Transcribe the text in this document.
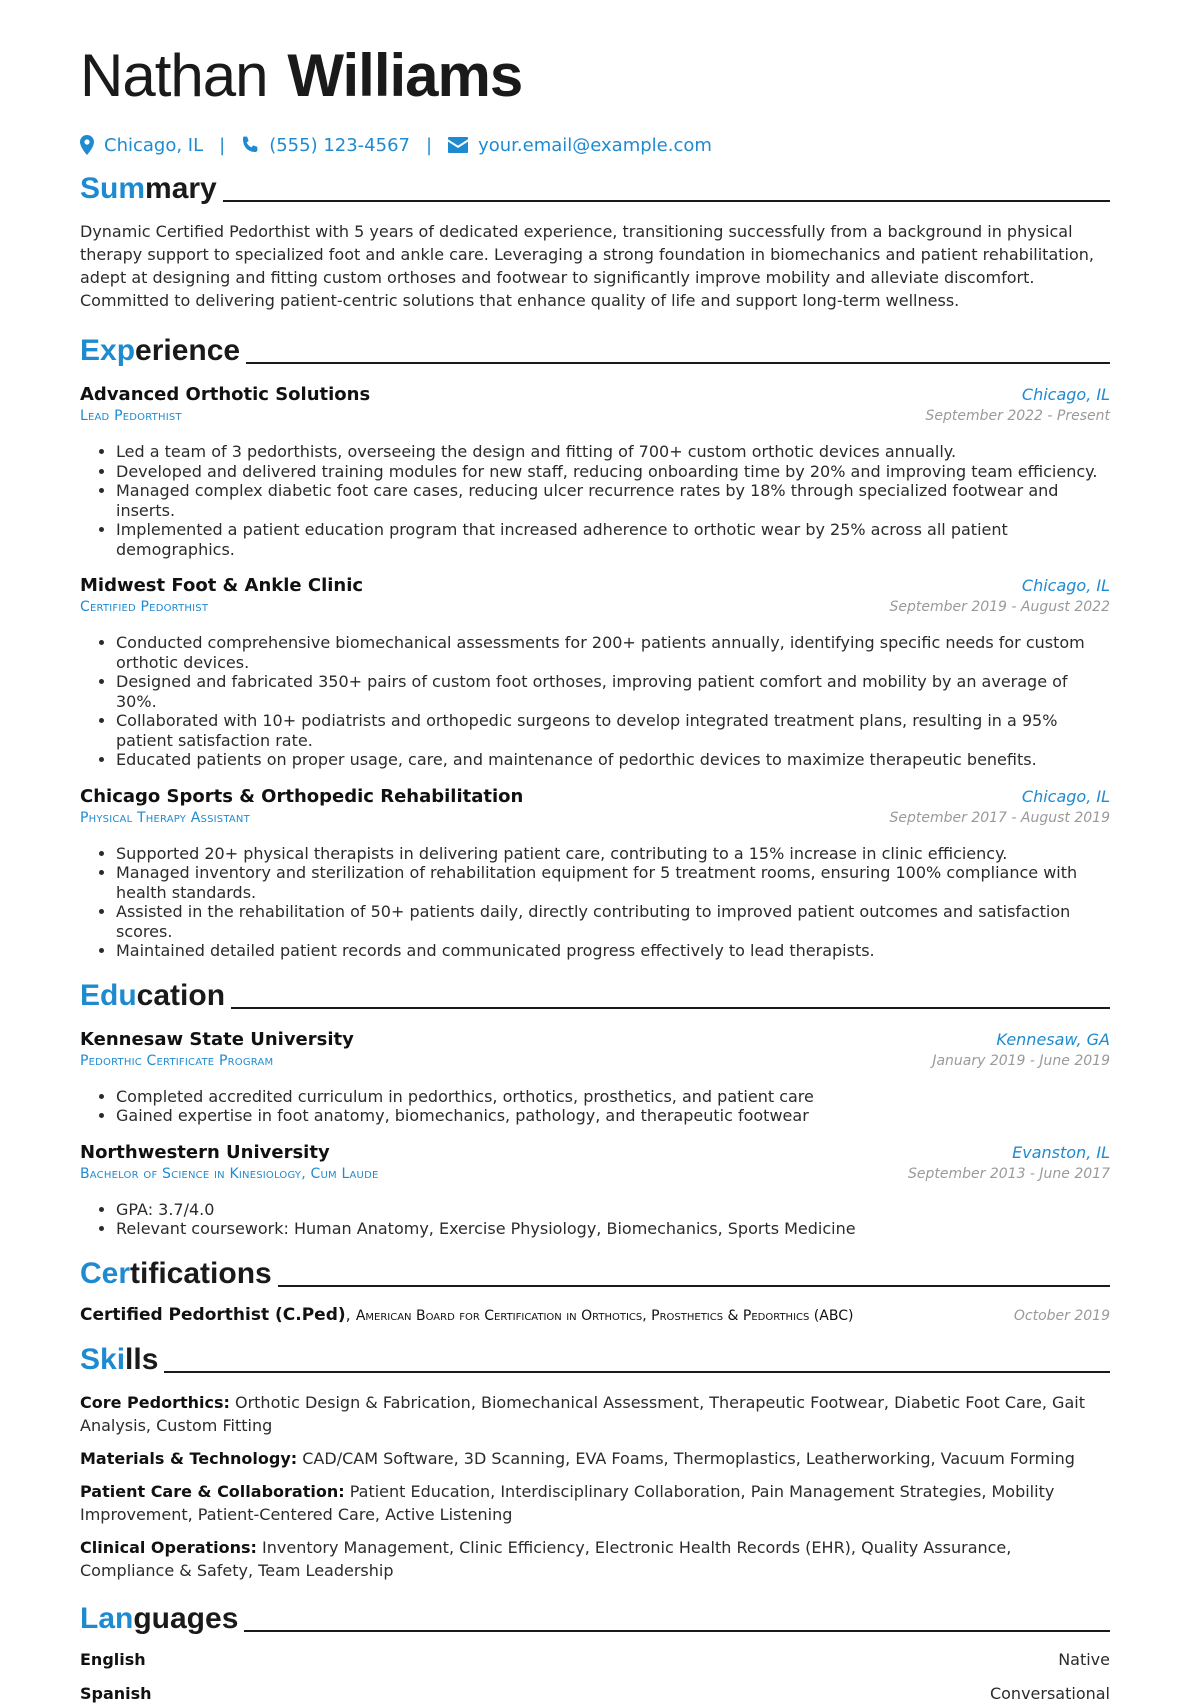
Nathan Williams
Chicago, IL | (555) 123-4567 |	your.email@example.com
Summary

Dynamic Certified Pedorthist with 5 years of dedicated experience, transitioning successfully from a background in physical therapy support to specialized foot and ankle care. Leveraging a strong foundation in biomechanics and patient rehabilitation, adept at designing and fitting custom orthoses and footwear to significantly improve mobility and alleviate discomfort. Committed to delivering patient-centric solutions that enhance quality of life and support long-term wellness.

Experience
Advanced Orthotic Solutions	Chicago, IL
Lead Pedorthist	September 2022 - Present
• Led a team of 3 pedorthists, overseeing the design and fitting of 700+ custom orthotic devices annually.
• Developed and delivered training modules for new staff, reducing onboarding time by 20% and improving team efficiency.
• Managed complex diabetic foot care cases, reducing ulcer recurrence rates by 18% through specialized footwear and inserts.
• Implemented a patient education program that increased adherence to orthotic wear by 25% across all patient demographics.
Midwest Foot & Ankle Clinic	Chicago, IL
Certified Pedorthist	September 2019 - August 2022
• Conducted comprehensive biomechanical assessments for 200+ patients annually, identifying specific needs for custom orthotic devices.
• Designed and fabricated 350+ pairs of custom foot orthoses, improving patient comfort and mobility by an average of 30%.
• Collaborated with 10+ podiatrists and orthopedic surgeons to develop integrated treatment plans, resulting in a 95% patient satisfaction rate.
• Educated patients on proper usage, care, and maintenance of pedorthic devices to maximize therapeutic benefits.
Chicago Sports & Orthopedic Rehabilitation	Chicago, IL
Physical Therapy Assistant	September 2017 - August 2019
• Supported 20+ physical therapists in delivering patient care, contributing to a 15% increase in clinic efficiency.
• Managed inventory and sterilization of rehabilitation equipment for 5 treatment rooms, ensuring 100% compliance with health standards.
• Assisted in the rehabilitation of 50+ patients daily, directly contributing to improved patient outcomes and satisfaction scores.
• Maintained detailed patient records and communicated progress effectively to lead therapists.
Education
Kennesaw State University	Kennesaw, GA
Pedorthic Certificate Program	January 2019 - June 2019
• Completed accredited curriculum in pedorthics, orthotics, prosthetics, and patient care
• Gained expertise in foot anatomy, biomechanics, pathology, and therapeutic footwear
Northwestern University	Evanston, IL
Bachelor of Science in Kinesiology, Cum Laude	September 2013 - June 2017
• GPA: 3.7/4.0
• Relevant coursework: Human Anatomy, Exercise Physiology, Biomechanics, Sports Medicine
Certifications
Certified Pedorthist (C.Ped), American Board for Certification in Orthotics, Prosthetics & Pedorthics (ABC)	October 2019
Skills
Core Pedorthics: Orthotic Design & Fabrication, Biomechanical Assessment, Therapeutic Footwear, Diabetic Foot Care, Gait Analysis, Custom Fitting
Materials & Technology: CAD/CAM Software, 3D Scanning, EVA Foams, Thermoplastics, Leatherworking, Vacuum Forming
Patient Care & Collaboration: Patient Education, Interdisciplinary Collaboration, Pain Management Strategies, Mobility Improvement, Patient-Centered Care, Active Listening
Clinical Operations: Inventory Management, Clinic Efficiency, Electronic Health Records (EHR), Quality Assurance, Compliance & Safety, Team Leadership
Languages
English	Native
Spanish	Conversational
